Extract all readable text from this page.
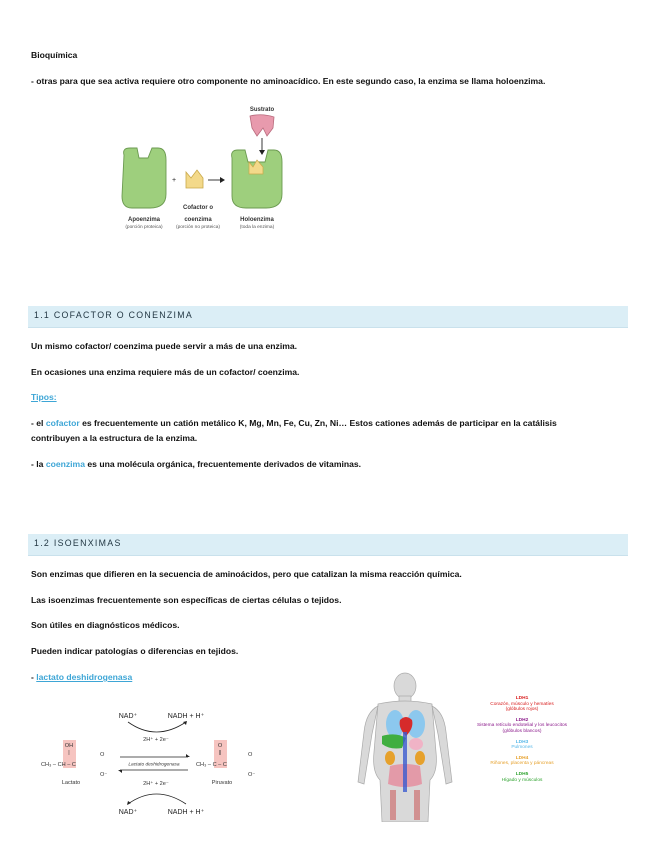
Bioquímica
- otras para que sea activa requiere otro componente no aminoacídico. En este segundo caso, la enzima se llama holoenzima.
Sustrato
+
Apoenzima
(porción proteica)
Cofactor o
coenzima
(porción no proteica)
Holoenzima
(toda la enzima)
1.1 COFACTOR O CONENZIMA
Un mismo cofactor/ coenzima puede servir a más de una enzima.
En ocasiones una enzima requiere más de un cofactor/ coenzima.
Tipos:
- el cofactor es frecuentemente un catión metálico K, Mg, Mn, Fe, Cu, Zn, Ni… Estos cationes además de participar en la catálisis
contribuyen a la estructura de la enzima.
- la coenzima es una molécula orgánica, frecuentemente derivados de vitaminas.
1.2 ISOENXIMAS
Son enzimas que difieren en la secuencia de aminoácidos, pero que catalizan la misma reacción química.
Las isoenzimas frecuentemente son específicas de ciertas células o tejidos.
Son útiles en diagnósticos médicos.
Pueden indicar patologías o diferencias en tejidos.
- lactato deshidrogenasa
NAD⁺	NADH + H⁺
2H⁺ + 2e⁻
OH
|
CH₃ – CH – C
O
O⁻
Lactato
Lactato deshidrogenasa
O
||
CH₃ – C – C
O
O⁻
Piruvato
2H⁺ + 2e⁻
NAD⁺	NADH + H⁺
LDH1
Corazón, músculo y hematíes
(glóbulos rojos)
LDH2
Sistema retículo endotelial y los leucocitos
(glóbulos blancos)
LDH3
Pulmones
LDH4
Riñones, placenta y páncreas
LDH5
Hígado y músculos
